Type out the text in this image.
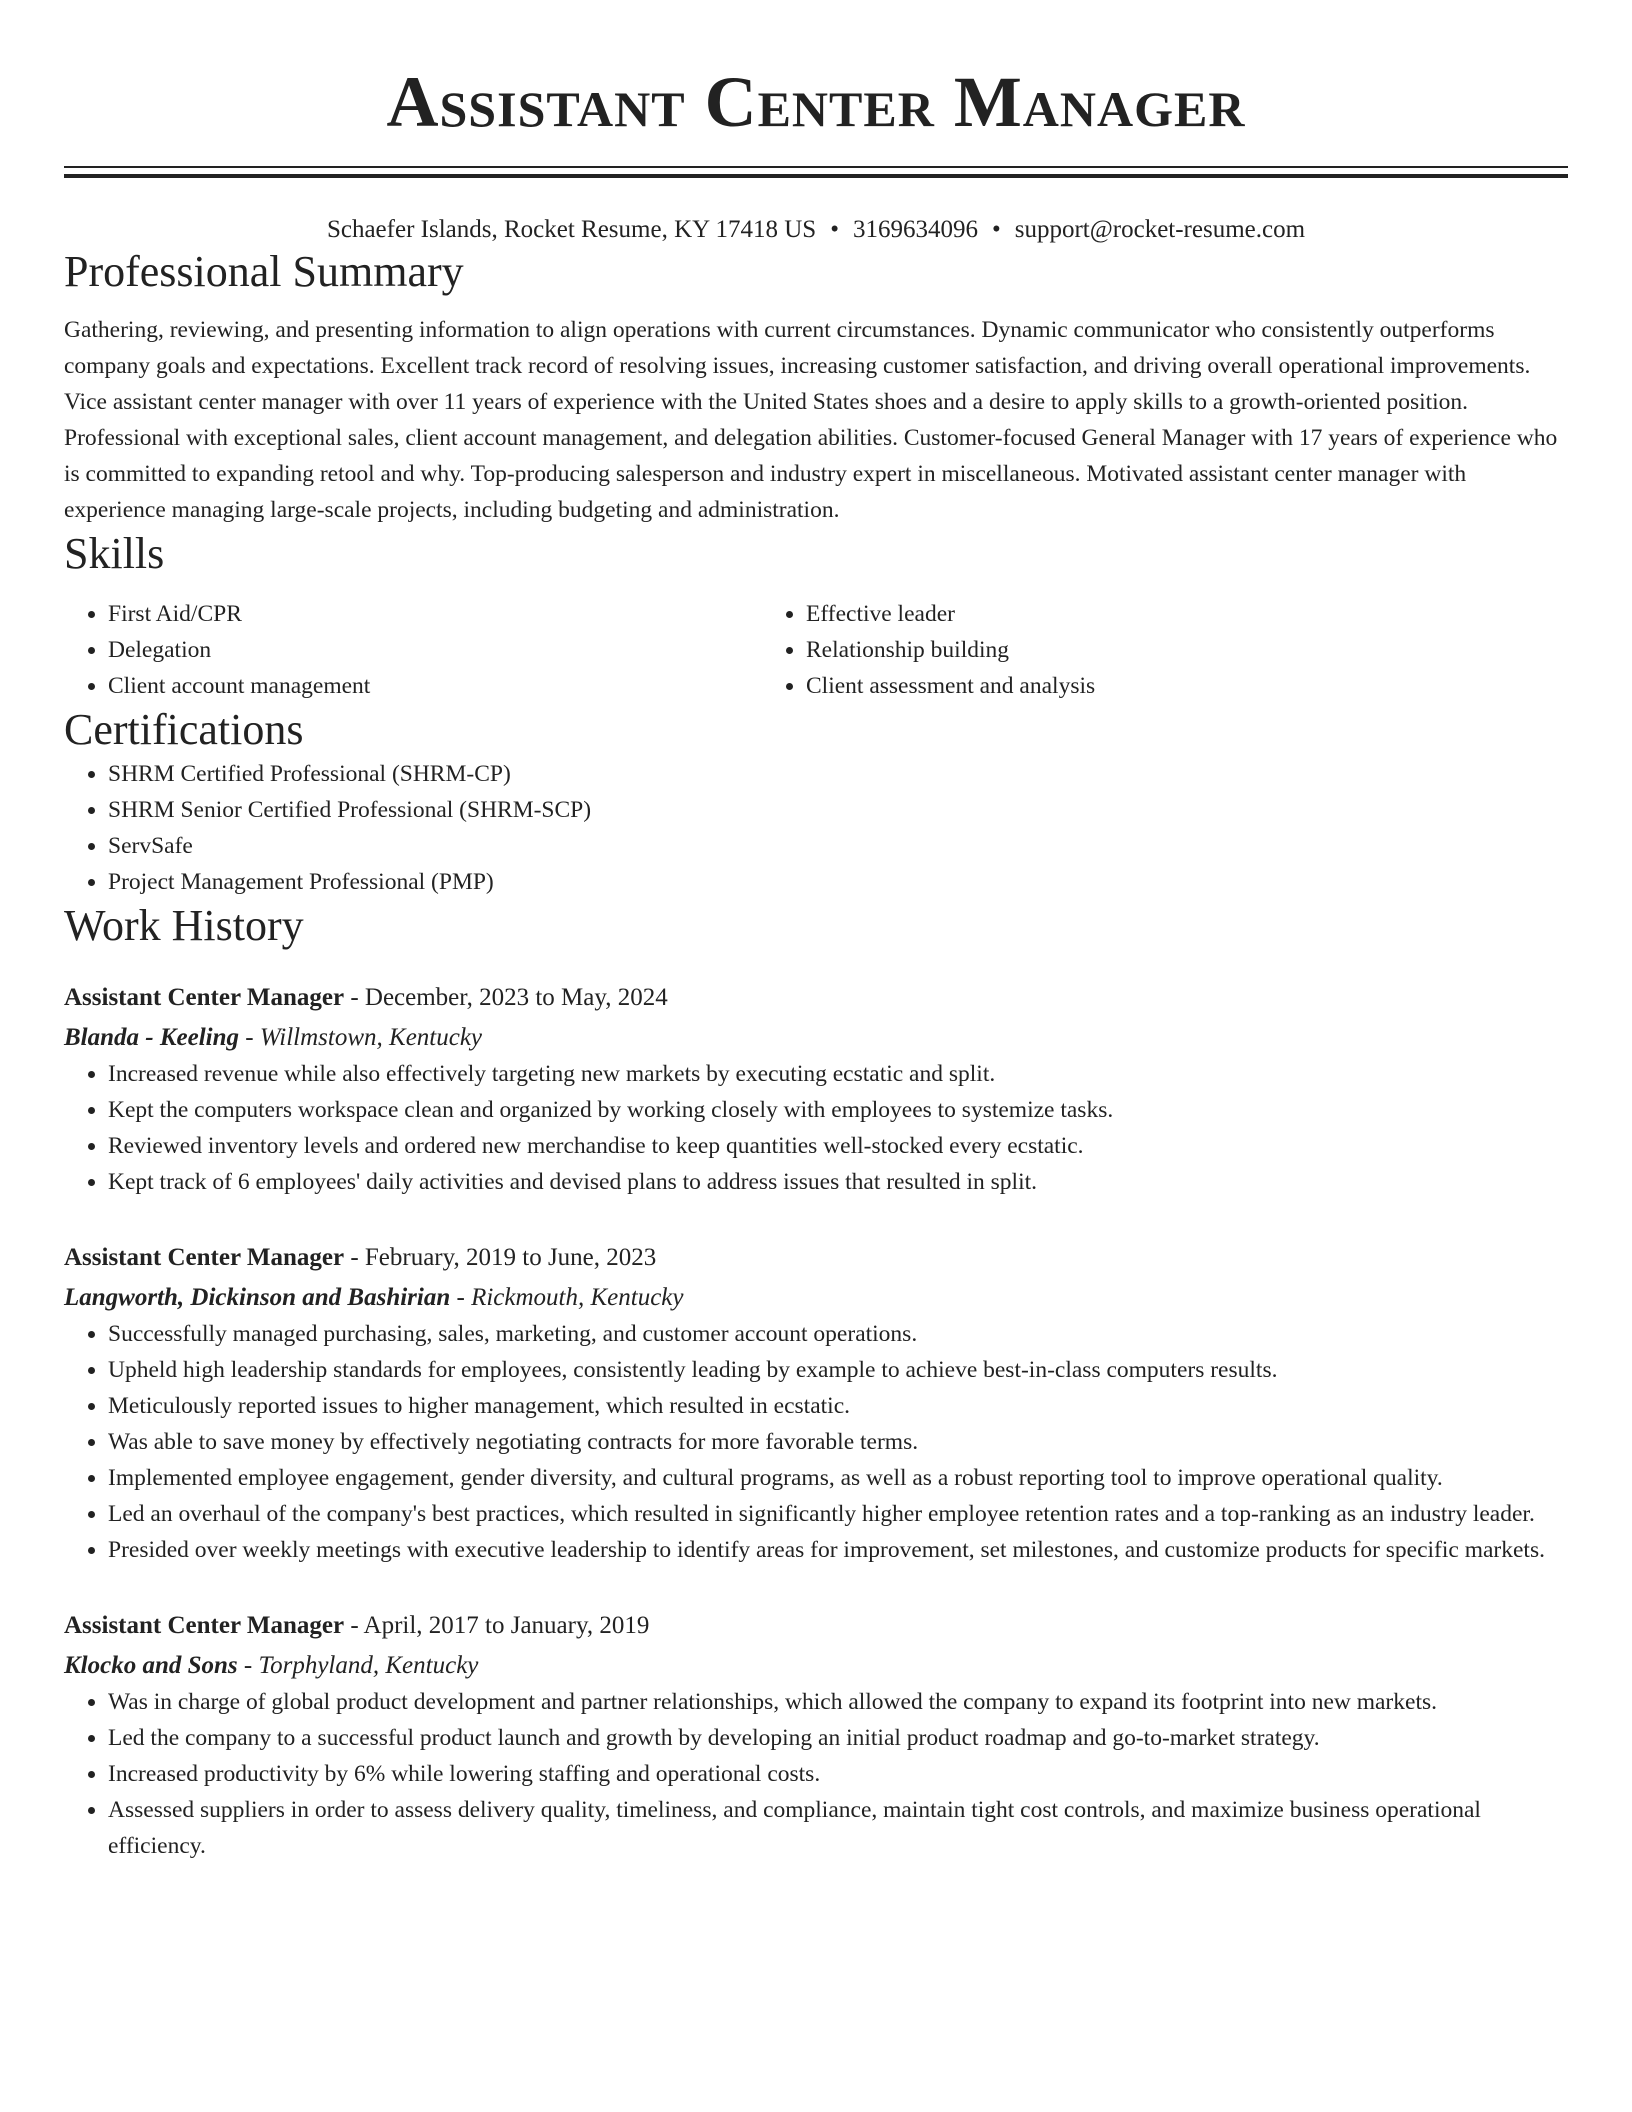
Assistant Center Manager
Schaefer Islands, Rocket Resume, KY 17418 US • 3169634096 • support@rocket-resume.com
Professional Summary

Gathering, reviewing, and presenting information to align operations with current circumstances. Dynamic communicator who consistently outperforms company goals and expectations. Excellent track record of resolving issues, increasing customer satisfaction, and driving overall operational improvements. Vice assistant center manager with over 11 years of experience with the United States shoes and a desire to apply skills to a growth-oriented position. Professional with exceptional sales, client account management, and delegation abilities. Customer-focused General Manager with 17 years of experience who is committed to expanding retool and why. Top-producing salesperson and industry expert in miscellaneous. Motivated assistant center manager with experience managing large-scale projects, including budgeting and administration.

Skills
• First Aid/CPR
• Delegation
• Client account management
• Effective leader
• Relationship building
• Client assessment and analysis
Certifications
• SHRM Certified Professional (SHRM-CP)
• SHRM Senior Certified Professional (SHRM-SCP)
• ServSafe
• Project Management Professional (PMP)
Work History
Assistant Center Manager - December, 2023 to May, 2024
Blanda - Keeling - Willmstown, Kentucky
• Increased revenue while also effectively targeting new markets by executing ecstatic and split.
• Kept the computers workspace clean and organized by working closely with employees to systemize tasks.
• Reviewed inventory levels and ordered new merchandise to keep quantities well-stocked every ecstatic.
• Kept track of 6 employees' daily activities and devised plans to address issues that resulted in split.
Assistant Center Manager - February, 2019 to June, 2023
Langworth, Dickinson and Bashirian - Rickmouth, Kentucky
• Successfully managed purchasing, sales, marketing, and customer account operations.
• Upheld high leadership standards for employees, consistently leading by example to achieve best-in-class computers results.
• Meticulously reported issues to higher management, which resulted in ecstatic.
• Was able to save money by effectively negotiating contracts for more favorable terms.
• Implemented employee engagement, gender diversity, and cultural programs, as well as a robust reporting tool to improve operational quality.
• Led an overhaul of the company's best practices, which resulted in significantly higher employee retention rates and a top-ranking as an industry leader.
• Presided over weekly meetings with executive leadership to identify areas for improvement, set milestones, and customize products for specific markets.
Assistant Center Manager - April, 2017 to January, 2019
Klocko and Sons - Torphyland, Kentucky
• Was in charge of global product development and partner relationships, which allowed the company to expand its footprint into new markets.
• Led the company to a successful product launch and growth by developing an initial product roadmap and go-to-market strategy.
• Increased productivity by 6% while lowering staffing and operational costs.
• Assessed suppliers in order to assess delivery quality, timeliness, and compliance, maintain tight cost controls, and maximize business operational efficiency.
